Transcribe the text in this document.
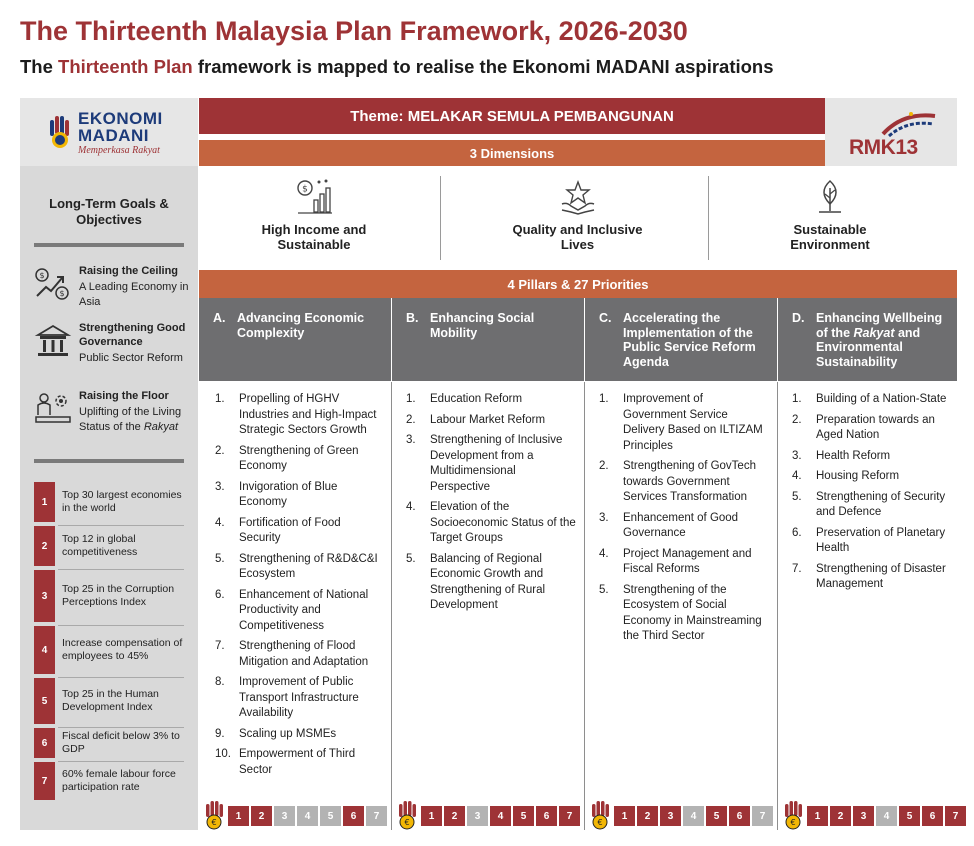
The Thirteenth Malaysia Plan Framework, 2026-2030
The Thirteenth Plan framework is mapped to realise the Ekonomi MADANI aspirations
EKONOMI
MADANI
Memperkasa Rakyat
Long-Term Goals &
Objectives
$
$
Raising the Ceiling
A Leading Economy in Asia
Strengthening Good Governance
Public Sector Reform
Raising the Floor
Uplifting of the Living Status of the Rakyat
1
Top 30 largest economies in the world
2
Top 12 in global competitiveness
3
Top 25 in the Corruption Perceptions Index
4
Increase compensation of employees to 45%
5
Top 25 in the Human Development Index
6
Fiscal deficit below 3% to GDP
7
60% female labour force participation rate
Theme: MELAKAR SEMULA PEMBANGUNAN
RMK13
3 Dimensions
$
High Income and
Sustainable
Quality and Inclusive
Lives
Sustainable
Environment
4 Pillars & 27 Priorities
A. Advancing Economic Complexity
B. Enhancing Social Mobility
C. Accelerating the Implementation of the Public Service Reform Agenda
D. Enhancing Wellbeing of the Rakyat and Environmental Sustainability
1.	Propelling of HGHV Industries and High-Impact Strategic Sectors Growth
2.	Strengthening of Green Economy
3.	Invigoration of Blue Economy
4.	Fortification of Food Security
5.	Strengthening of R&D&C&I Ecosystem
6.	Enhancement of National Productivity and Competitiveness
7.	Strengthening of Flood Mitigation and Adaptation
8.	Improvement of Public Transport Infrastructure Availability
9.	Scaling up MSMEs
10. Empowerment of Third Sector
1.	Education Reform
2.	Labour Market Reform
3.	Strengthening of Inclusive Development from a Multidimensional Perspective
4.	Elevation of the Socioeconomic Status of the Target Groups
5.	Balancing of Regional Economic Growth and Strengthening of Rural Development
1.	Improvement of Government Service Delivery Based on ILTIZAM Principles
2.	Strengthening of GovTech towards Government Services Transformation
3.	Enhancement of Good Governance
4.	Project Management and Fiscal Reforms
5.	Strengthening of the Ecosystem of Social Economy in Mainstreaming the Third Sector
1.	Building of a Nation-State
2.	Preparation towards an Aged Nation
3.	Health Reform
4.	Housing Reform
5.	Strengthening of Security and Defence
6.	Preservation of Planetary Health
7.	Strengthening of Disaster Management
€
1	2	3	4	5	6	7
€
1	2	3	4	5	6	7
€
1	2	3	4	5	6	7
€
1	2	3	4	5	6	7
